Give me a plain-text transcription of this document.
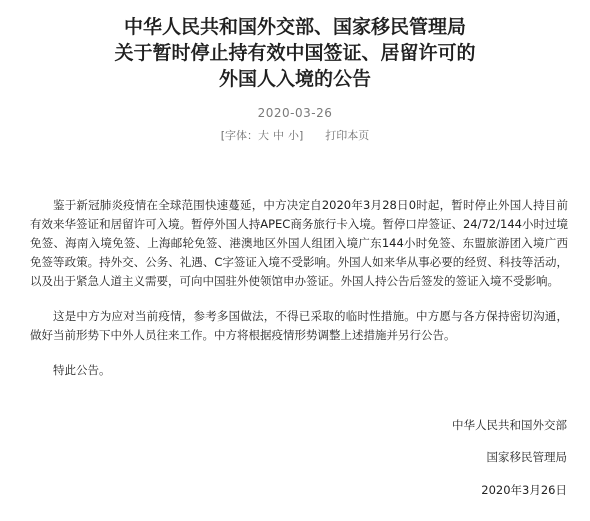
中华人民共和国外交部、国家移民管理局
关于暂时停止持有效中国签证、居留许可的
外国人入境的公告
2020-03-26
[字体：大 中 小] 打印本页

鉴于新冠肺炎疫情在全球范围快速蔓延，中方决定自2020年3月28日0时起，暂时停止外国人持目前有效来华签证和居留许可入境。暂停外国人持APEC商务旅行卡入境。暂停口岸签证、24/72/144小时过境免签、海南入境免签、上海邮轮免签、港澳地区外国人组团入境广东144小时免签、东盟旅游团入境广西免签等政策。持外交、公务、礼遇、C字签证入境不受影响。外国人如来华从事必要的经贸、科技等活动，以及出于紧急人道主义需要，可向中国驻外使领馆申办签证。外国人持公告后签发的签证入境不受影响。

这是中方为应对当前疫情，参考多国做法，不得已采取的临时性措施。中方愿与各方保持密切沟通，做好当前形势下中外人员往来工作。中方将根据疫情形势调整上述措施并另行公告。

特此公告。

中华人民共和国外交部
国家移民管理局
2020年3月26日
